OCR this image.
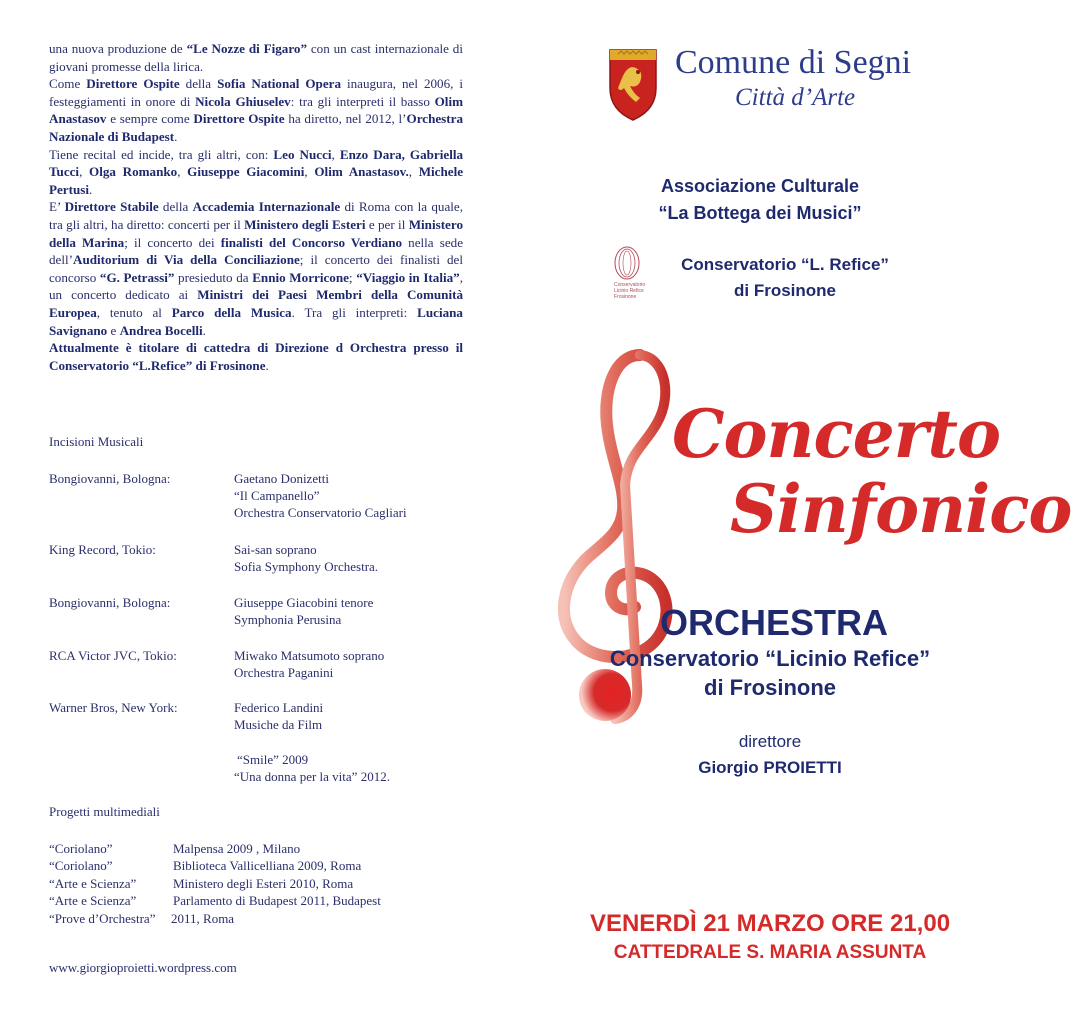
una nuova produzione de “Le Nozze di Figaro” con un cast internazionale di giovani promesse della lirica.

Come Direttore Ospite della Sofia National Opera inaugura, nel 2006, i festeggiamenti in onore di Nicola Ghiuselev: tra gli interpreti il basso Olim Anastasov e sempre come Direttore Ospite ha diretto, nel 2012, l’Orchestra Nazionale di Budapest.

Tiene recital ed incide, tra gli altri, con: Leo Nucci, Enzo Dara, Gabriella Tucci, Olga Romanko, Giuseppe Giacomini, Olim Anastasov., Michele Pertusi.

E’ Direttore Stabile della Accademia Internazionale di Roma con la quale, tra gli altri, ha diretto: concerti per il Ministero degli Esteri e per il Ministero della Marina; il concerto dei finalisti del Concorso Verdiano nella sede dell’Auditorium di Via della Conciliazione; il concerto dei finalisti del concorso “G. Petrassi” presieduto da Ennio Morricone; “Viaggio in Italia”, un concerto dedicato ai Ministri dei Paesi Membri della Comunità Europea, tenuto al Parco della Musica. Tra gli interpreti: Luciana Savignano e Andrea Bocelli.

Attualmente è titolare di cattedra di Direzione d Orchestra presso il Conservatorio “L.Refice” di Frosinone.

Incisioni Musicali
Bongiovanni, Bologna:	Gaetano Donizetti
“Il Campanello”
Orchestra Conservatorio Cagliari
King Record, Tokio:	Sai-san soprano
Sofia Symphony Orchestra.
Bongiovanni, Bologna:	Giuseppe Giacobini tenore
Symphonia Perusina
RCA Victor JVC, Tokio:	Miwako Matsumoto soprano
Orchestra Paganini
Warner Bros, New York:	Federico Landini
Musiche da Film
“Smile” 2009
“Una donna per la vita” 2012.
Progetti multimediali
“Coriolano”	Malpensa 2009 , Milano
“Coriolano”	Biblioteca Vallicelliana 2009, Roma
“Arte e Scienza”	Ministero degli Esteri 2010, Roma
“Arte e Scienza”	Parlamento di Budapest 2011, Budapest
“Prove d’Orchestra” 2011, Roma
www.giorgioproietti.wordpress.com
Comune di Segni
Città d’Arte
Associazione Culturale
“La Bottega dei Musici”
Conservatorio
Licinio Refice
Frosinone
Conservatorio “L. Refice”
di Frosinone
Concerto
Sinfonico
ORCHESTRA
Conservatorio “Licinio Refice”
di Frosinone
direttore
Giorgio PROIETTI
VENERDÌ 21 MARZO ORE 21,00
CATTEDRALE S. MARIA ASSUNTA
